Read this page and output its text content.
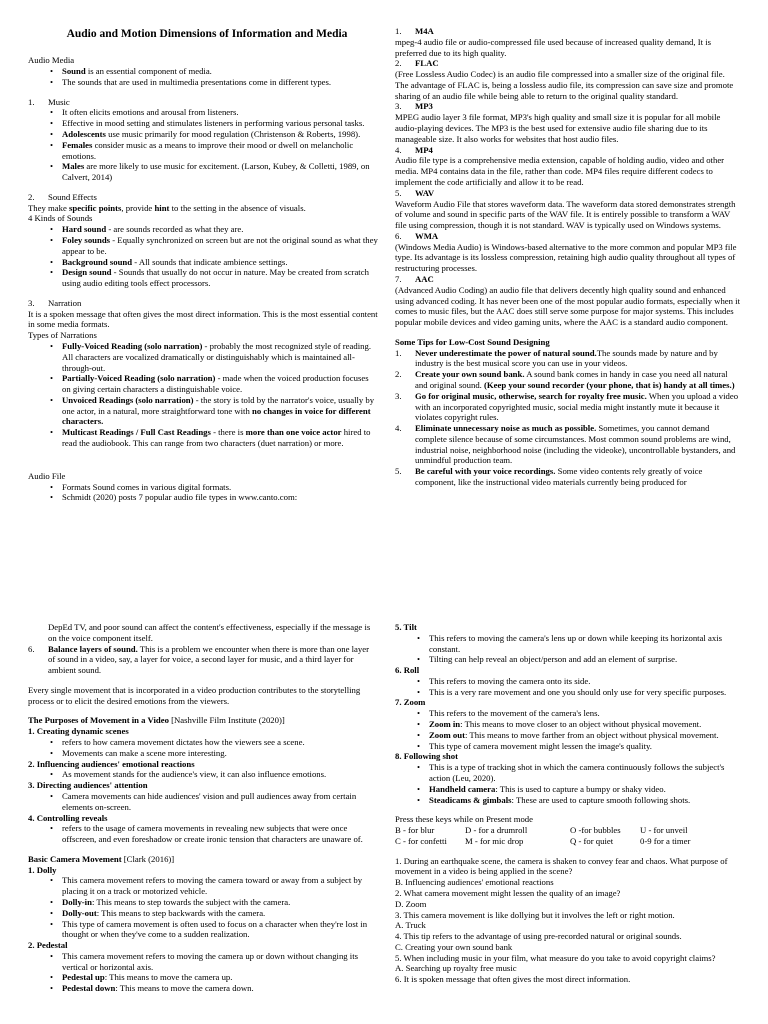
Audio and Motion Dimensions of Information and Media

Audio Media

• Sound is an essential component of media.
• The sounds that are used in multimedia presentations come in different types.

1. Music

• It often elicits emotions and arousal from listeners.
• Effective in mood setting and stimulates listeners in performing various personal tasks.
• Adolescents use music primarily for mood regulation (Christenson & Roberts, 1998).
• Females consider music as a means to improve their mood or dwell on melancholic emotions.
• Males are more likely to use music for excitement. (Larson, Kubey, & Colletti, 1989, on Calvert, 2014)

2. Sound Effects

They make specific points, provide hint to the setting in the absence of visuals.

4 Kinds of Sounds

• Hard sound - are sounds recorded as what they are.
• Foley sounds - Equally synchronized on screen but are not the original sound as what they appear to be.
• Background sound - All sounds that indicate ambience settings.
• Design sound - Sounds that usually do not occur in nature. May be created from scratch using audio editing tools effect processors.

3. Narration

It is a spoken message that often gives the most direct information. This is the most essential content in some media formats.

Types of Narrations

• Fully-Voiced Reading (solo narration) - probably the most recognized style of reading. All characters are vocalized dramatically or distinguishably which is maintained all-through-out.
• Partially-Voiced Reading (solo narration) - made when the voiced production focuses on giving certain characters a distinguishable voice.
• Unvoiced Readings (solo narration) - the story is told by the narrator's voice, usually by one actor, in a natural, more straightforward tone with no changes in voice for different characters.
• Multicast Readings / Full Cast Readings - there is more than one voice actor hired to read the audiobook. This can range from two characters (duet narration) or more.

Audio File

• Formats Sound comes in various digital formats.
• Schmidt (2020) posts 7 popular audio file types in www.canto.com:

1. M4A

mpeg-4 audio file or audio-compressed file used because of increased quality demand, It is preferred due to its high quality.

2. FLAC

(Free Lossless Audio Codec) is an audio file compressed into a smaller size of the original file. The advantage of FLAC is, being a lossless audio file, its compression can save size and promote sharing of an audio file while being able to return to the original quality standard.

3. MP3

MPEG audio layer 3 file format, MP3's high quality and small size it is popular for all mobile audio-playing devices. The MP3 is the best used for extensive audio file sharing due to its manageable size. It also works for websites that host audio files.

4. MP4

Audio file type is a comprehensive media extension, capable of holding audio, video and other media. MP4 contains data in the file, rather than code. MP4 files require different codecs to implement the code artificially and allow it to be read.

5. WAV

Waveform Audio File that stores waveform data. The waveform data stored demonstrates strength of volume and sound in specific parts of the WAV file. It is entirely possible to transform a WAV file using compression, though it is not standard. WAV is typically used on Windows systems.

6. WMA

(Windows Media Audio) is Windows-based alternative to the more common and popular MP3 file type. Its advantage is its lossless compression, retaining high audio quality throughout all types of restructuring processes.

7. AAC

(Advanced Audio Coding) an audio file that delivers decently high quality sound and enhanced using advanced coding. It has never been one of the most popular audio formats, especially when it comes to music files, but the AAC does still serve some purpose for major systems. This includes popular mobile devices and video gaming units, where the AAC is a standard audio component.

Some Tips for Low-Cost Sound Designing

1. Never underestimate the power of natural sound.The sounds made by nature and by industry is the best musical score you can use in your videos.

2. Create your own sound bank. A sound bank comes in handy in case you need all natural and original sound. (Keep your sound recorder (your phone, that is) handy at all times.)

3. Go for original music, otherwise, search for royalty free music. When you upload a video with an incorporated copyrighted music, social media might instantly mute it because it violates copyright rules.

4. Eliminate unnecessary noise as much as possible. Sometimes, you cannot demand complete silence because of some circumstances. Most common sound problems are wind, industrial noise, neighborhood noise (including the videoke), uncontrollable bystanders, and unmindful production team.

5. Be careful with your voice recordings. Some video contents rely greatly of voice component, like the instructional video materials currently being produced for

DepEd TV, and poor sound can affect the content's effectiveness, especially if the message is on the voice component itself.

6. Balance layers of sound. This is a problem we encounter when there is more than one layer of sound in a video, say, a layer for voice, a second layer for music, and a third layer for ambient sound.

Every single movement that is incorporated in a video production contributes to the storytelling process or to elicit the desired emotions from the viewers.

The Purposes of Movement in a Video [Nashville Film Institute (2020)]

1. Creating dynamic scenes

• refers to how camera movement dictates how the viewers see a scene.
• Movements can make a scene more interesting.

2. Influencing audiences' emotional reactions

• As movement stands for the audience's view, it can also influence emotions.

3. Directing audiences' attention

• Camera movements can hide audiences' vision and pull audiences away from certain elements on-screen.

4. Controlling reveals

• refers to the usage of camera movements in revealing new subjects that were once offscreen, and even foreshadow or create ironic tension that characters are unaware of.

Basic Camera Movement [Clark (2016)]

1. Dolly

• This camera movement refers to moving the camera toward or away from a subject by placing it on a track or motorized vehicle.
• Dolly-in: This means to step towards the subject with the camera.
• Dolly-out: This means to step backwards with the camera.
• This type of camera movement is often used to focus on a character when they're lost in thought or when they've come to a sudden realization.

2. Pedestal

• This camera movement refers to moving the camera up or down without changing its vertical or horizontal axis.
• Pedestal up: This means to move the camera up.
• Pedestal down: This means to move the camera down.

5. Tilt

• This refers to moving the camera's lens up or down while keeping its horizontal axis constant.
• Tilting can help reveal an object/person and add an element of surprise.

6. Roll

• This refers to moving the camera onto its side.
• This is a very rare movement and one you should only use for very specific purposes.

7. Zoom

• This refers to the movement of the camera's lens.
• Zoom in: This means to move closer to an object without physical movement.
• Zoom out: This means to move farther from an object without physical movement.
• This type of camera movement might lessen the image's quality.

8. Following shot

• This is a type of tracking shot in which the camera continuously follows the subject's action (Leu, 2020).
• Handheld camera: This is used to capture a bumpy or shaky video.
• Steadicams & gimbals: These are used to capture smooth following shots.

Press these keys while on Present mode

B - for blur	D - for a drumroll	O -for bubbles	U - for unveil
C - for confetti	M - for mic drop	Q - for quiet	0-9 for a timer

1. During an earthquake scene, the camera is shaken to convey fear and chaos. What purpose of movement in a video is being applied in the scene?

B. Influencing audiences' emotional reactions

2. What camera movement might lessen the quality of an image?

D. Zoom

3. This camera movement is like dollying but it involves the left or right motion.

A. Truck

4. This tip refers to the advantage of using pre-recorded natural or original sounds.

C. Creating your own sound bank

5. When including music in your film, what measure do you take to avoid copyright claims?

A. Searching up royalty free music

6. It is spoken message that often gives the most direct information.
